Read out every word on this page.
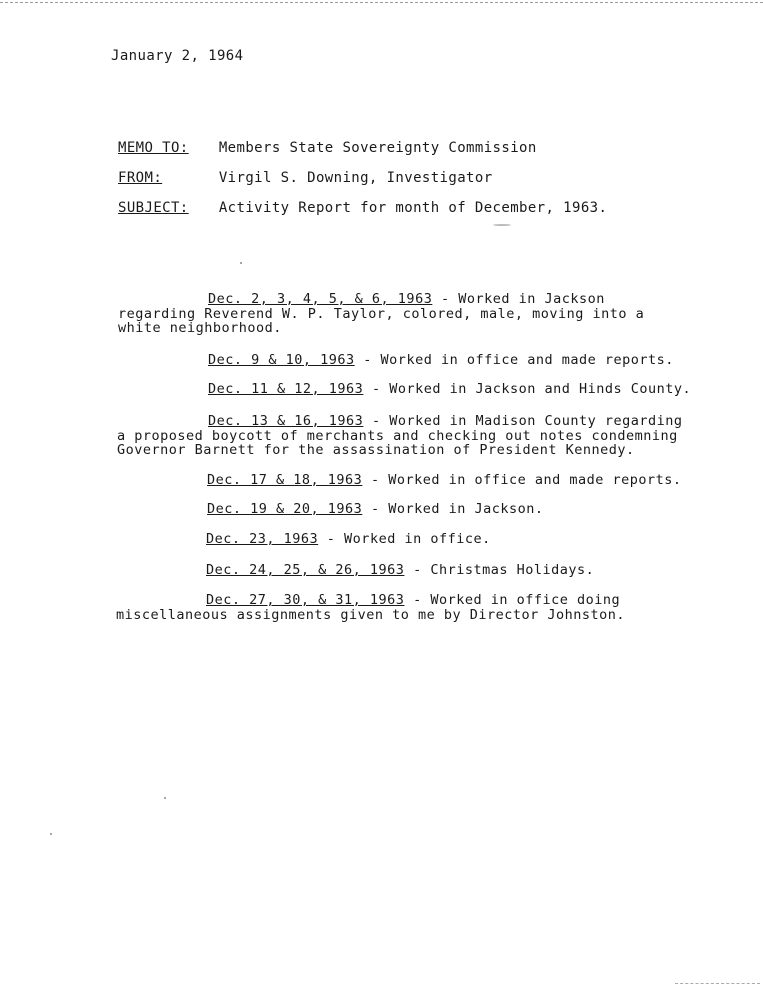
January 2, 1964
MEMO TO: Members State Sovereignty Commission
FROM:	Virgil S. Downing, Investigator
SUBJECT: Activity Report for month of December, 1963.
Dec. 2, 3, 4, 5, & 6, 1963 - Worked in Jackson
regarding Reverend W. P. Taylor, colored, male, moving into a
white neighborhood.
Dec. 9 & 10, 1963 - Worked in office and made reports.
Dec. 11 & 12, 1963 - Worked in Jackson and Hinds County.
Dec. 13 & 16, 1963 - Worked in Madison County regarding
a proposed boycott of merchants and checking out notes condemning
Governor Barnett for the assassination of President Kennedy.
Dec. 17 & 18, 1963 - Worked in office and made reports.
Dec. 19 & 20, 1963 - Worked in Jackson.
Dec. 23, 1963 - Worked in office.
Dec. 24, 25, & 26, 1963 - Christmas Holidays.
Dec. 27, 30, & 31, 1963 - Worked in office doing
miscellaneous assignments given to me by Director Johnston.
